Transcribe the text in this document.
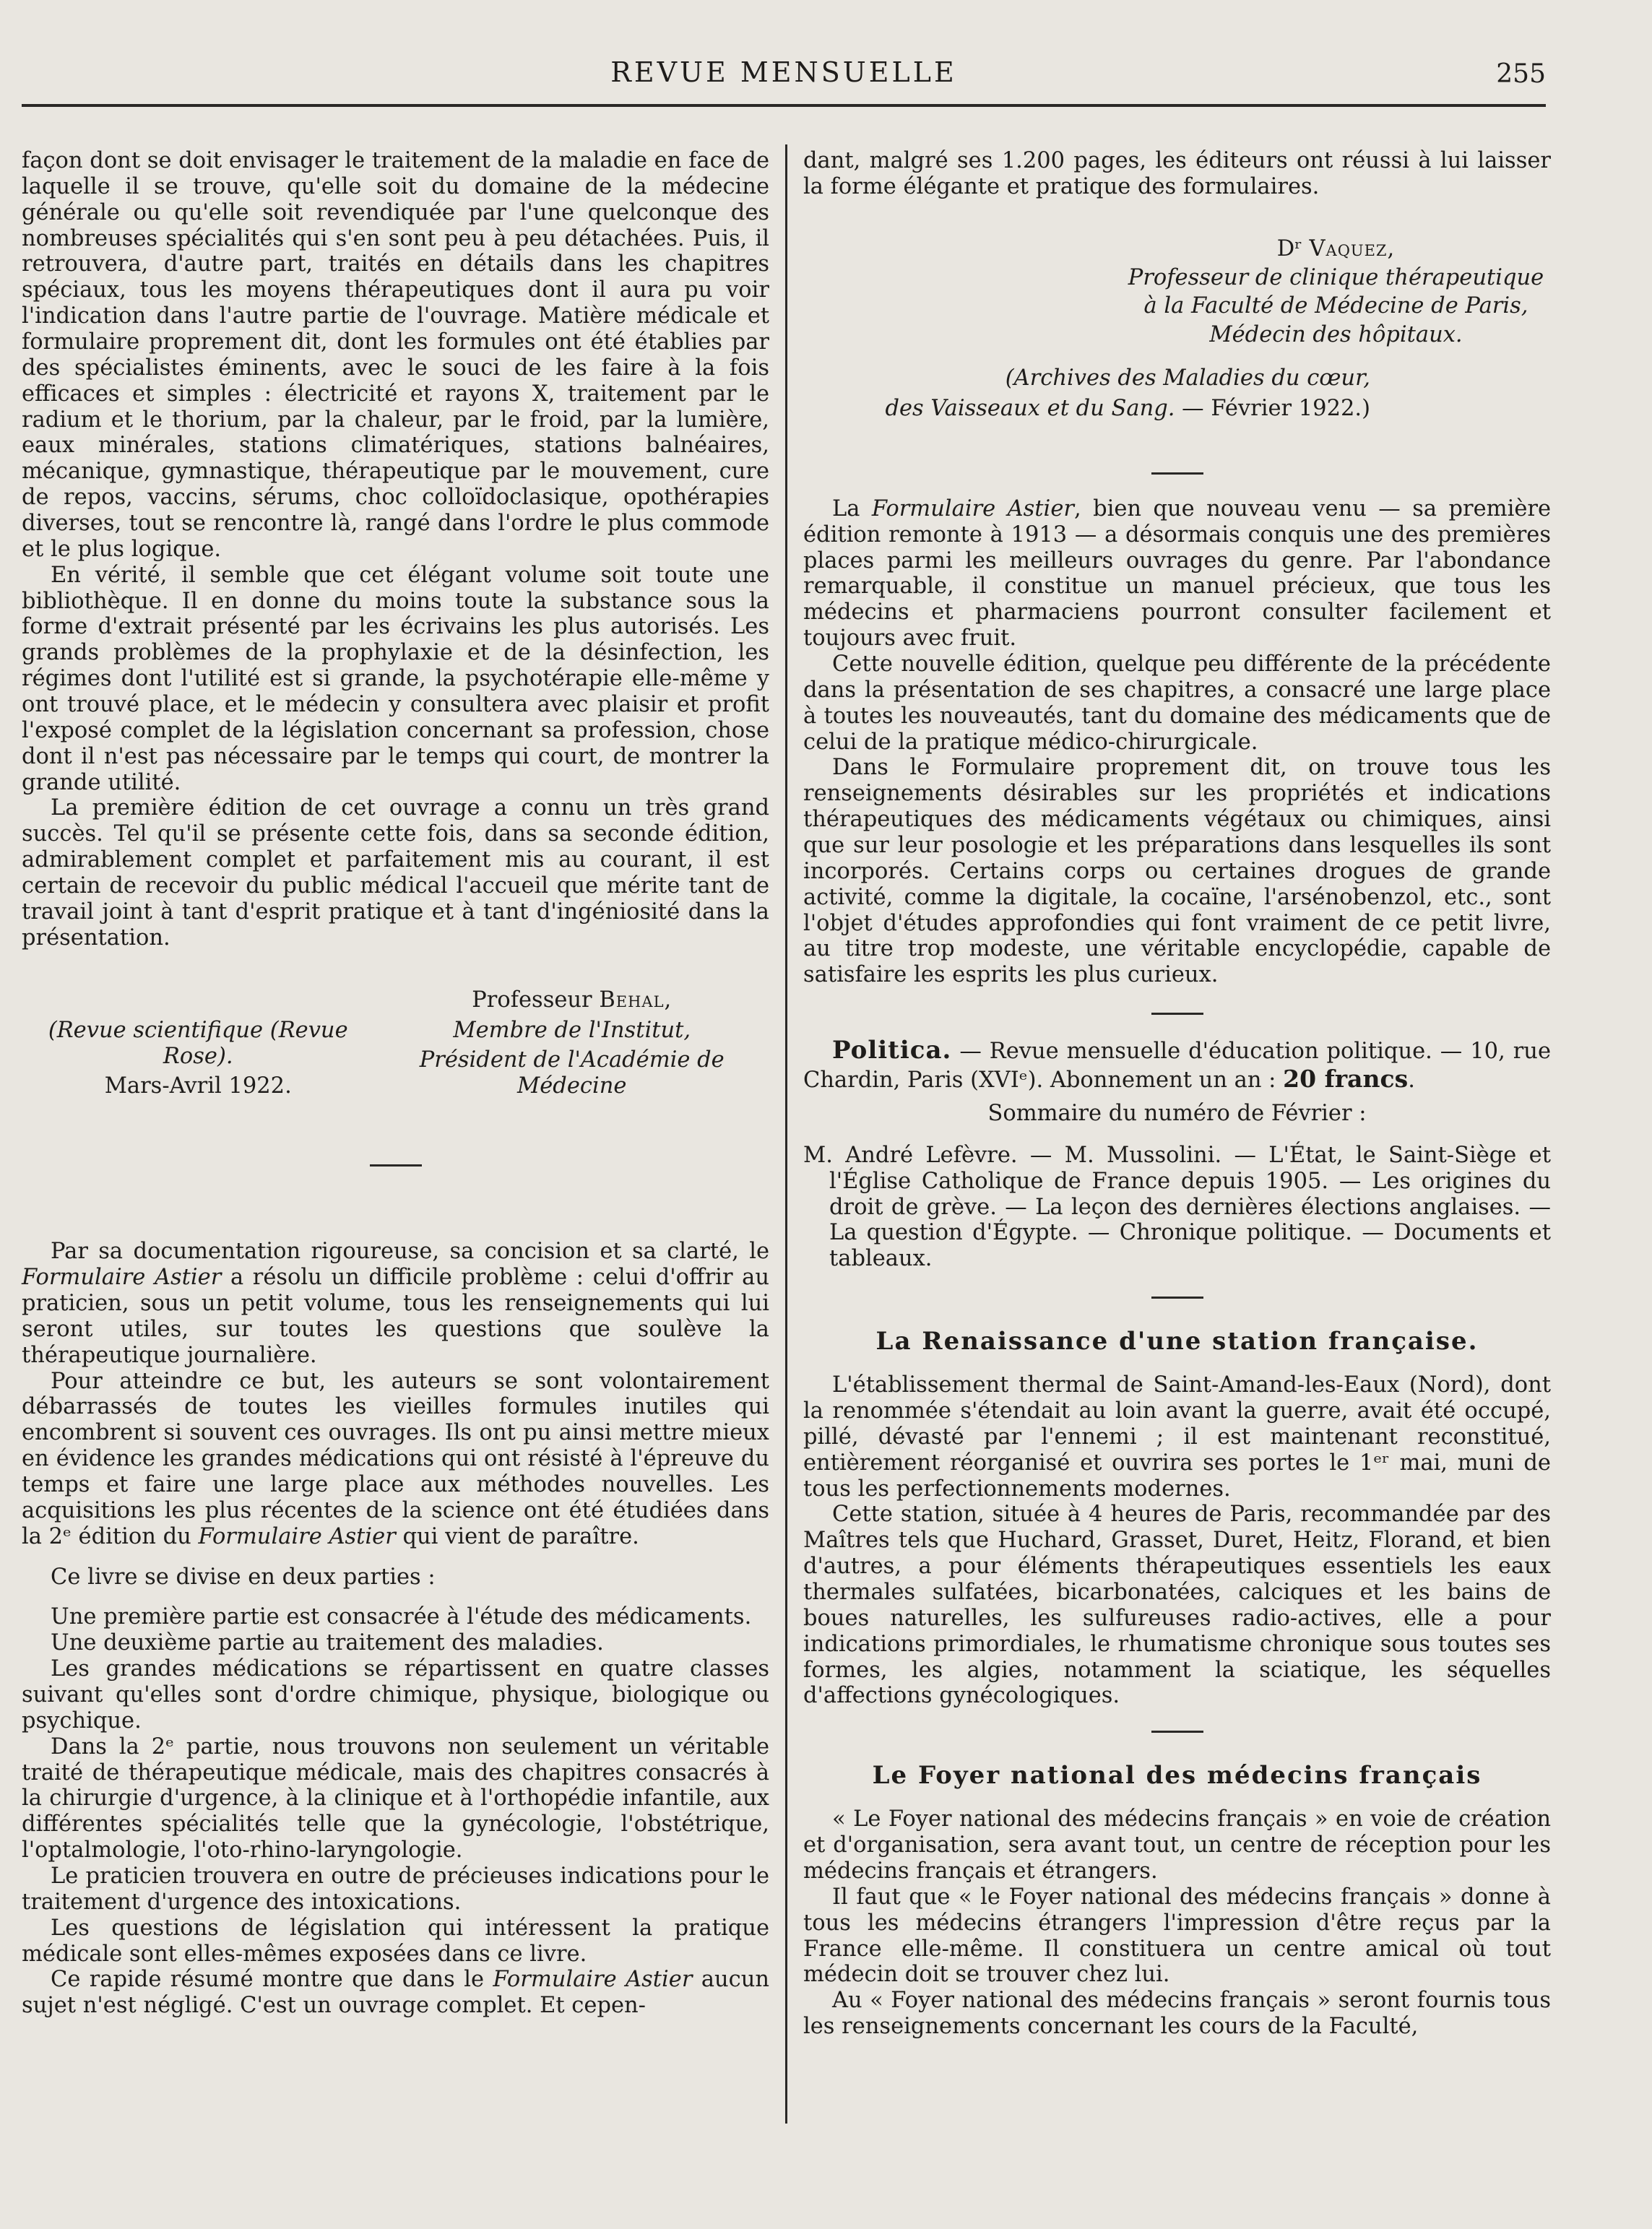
REVUE MENSUELLE	255

façon dont se doit envisager le traitement de la maladie en face de laquelle il se trouve, qu'elle soit du domaine de la médecine générale ou qu'elle soit revendiquée par l'une quelconque des nombreuses spécialités qui s'en sont peu à peu détachées. Puis, il retrouvera, d'autre part, traités en détails dans les chapitres spéciaux, tous les moyens thérapeutiques dont il aura pu voir l'indication dans l'autre partie de l'ouvrage. Matière médicale et formulaire proprement dit, dont les formules ont été établies par des spécialistes éminents, avec le souci de les faire à la fois efficaces et simples : électricité et rayons X, traitement par le radium et le thorium, par la chaleur, par le froid, par la lumière, eaux minérales, stations climatériques, stations balnéaires, mécanique, gymnastique, thérapeutique par le mouvement, cure de repos, vaccins, sérums, choc colloïdoclasique, opothérapies diverses, tout se rencontre là, rangé dans l'ordre le plus commode et le plus logique.

En vérité, il semble que cet élégant volume soit toute une bibliothèque. Il en donne du moins toute la substance sous la forme d'extrait présenté par les écrivains les plus autorisés. Les grands problèmes de la prophylaxie et de la désinfection, les régimes dont l'utilité est si grande, la psychotérapie elle-même y ont trouvé place, et le médecin y consultera avec plaisir et profit l'exposé complet de la législation concernant sa profession, chose dont il n'est pas nécessaire par le temps qui court, de montrer la grande utilité.

La première édition de cet ouvrage a connu un très grand succès. Tel qu'il se présente cette fois, dans sa seconde édition, admirablement complet et parfaitement mis au courant, il est certain de recevoir du public médical l'accueil que mérite tant de travail joint à tant d'esprit pratique et à tant d'ingéniosité dans la présentation.

(Revue scientifique (Revue Rose).
Mars-Avril 1922.
Professeur Behal,
Membre de l'Institut,
Président de l'Académie de Médecine

Par sa documentation rigoureuse, sa concision et sa clarté, le Formulaire Astier a résolu un difficile problème : celui d'offrir au praticien, sous un petit volume, tous les renseignements qui lui seront utiles, sur toutes les questions que soulève la thérapeutique journalière.

Pour atteindre ce but, les auteurs se sont volontairement débarrassés de toutes les vieilles formules inutiles qui encombrent si souvent ces ouvrages. Ils ont pu ainsi mettre mieux en évidence les grandes médications qui ont résisté à l'épreuve du temps et faire une large place aux méthodes nouvelles. Les acquisitions les plus récentes de la science ont été étudiées dans la 2ᵉ édition du Formulaire Astier qui vient de paraître.

Ce livre se divise en deux parties :

Une première partie est consacrée à l'étude des médicaments.

Une deuxième partie au traitement des maladies.

Les grandes médications se répartissent en quatre classes suivant qu'elles sont d'ordre chimique, physique, biologique ou psychique.

Dans la 2ᵉ partie, nous trouvons non seulement un véritable traité de thérapeutique médicale, mais des chapitres consacrés à la chirurgie d'urgence, à la clinique et à l'orthopédie infantile, aux différentes spécialités telle que la gynécologie, l'obstétrique, l'optalmologie, l'oto-rhino-laryngologie.

Le praticien trouvera en outre de précieuses indications pour le traitement d'urgence des intoxications.

Les questions de législation qui intéressent la pratique médicale sont elles-mêmes exposées dans ce livre.

Ce rapide résumé montre que dans le Formulaire Astier aucun sujet n'est négligé. C'est un ouvrage complet. Et cepen-

dant, malgré ses 1.200 pages, les éditeurs ont réussi à lui laisser la forme élégante et pratique des formulaires.

Dʳ Vaquez,
Professeur de clinique thérapeutique
à la Faculté de Médecine de Paris,
Médecin des hôpitaux.
(Archives des Maladies du cœur,
des Vaisseaux et du Sang. — Février 1922.)

La Formulaire Astier, bien que nouveau venu — sa première édition remonte à 1913 — a désormais conquis une des premières places parmi les meilleurs ouvrages du genre. Par l'abondance remarquable, il constitue un manuel précieux, que tous les médecins et pharmaciens pourront consulter facilement et toujours avec fruit.

Cette nouvelle édition, quelque peu différente de la précédente dans la présentation de ses chapitres, a consacré une large place à toutes les nouveautés, tant du domaine des médicaments que de celui de la pratique médico-chirurgicale.

Dans le Formulaire proprement dit, on trouve tous les renseignements désirables sur les propriétés et indications thérapeutiques des médicaments végétaux ou chimiques, ainsi que sur leur posologie et les préparations dans lesquelles ils sont incorporés. Certains corps ou certaines drogues de grande activité, comme la digitale, la cocaïne, l'arsénobenzol, etc., sont l'objet d'études approfondies qui font vraiment de ce petit livre, au titre trop modeste, une véritable encyclopédie, capable de satisfaire les esprits les plus curieux.

Politica. — Revue mensuelle d'éducation politique. — 10, rue Chardin, Paris (XVIᵉ). Abonnement un an : 20 francs.

Sommaire du numéro de Février :

M. André Lefèvre. — M. Mussolini. — L'État, le Saint-Siège et l'Église Catholique de France depuis 1905. — Les origines du droit de grève. — La leçon des dernières élections anglaises. — La question d'Égypte. — Chronique politique. — Documents et tableaux.

La Renaissance d'une station française.

L'établissement thermal de Saint-Amand-les-Eaux (Nord), dont la renommée s'étendait au loin avant la guerre, avait été occupé, pillé, dévasté par l'ennemi ; il est maintenant reconstitué, entièrement réorganisé et ouvrira ses portes le 1ᵉʳ mai, muni de tous les perfectionnements modernes.

Cette station, située à 4 heures de Paris, recommandée par des Maîtres tels que Huchard, Grasset, Duret, Heitz, Florand, et bien d'autres, a pour éléments thérapeutiques essentiels les eaux thermales sulfatées, bicarbonatées, calciques et les bains de boues naturelles, les sulfureuses radio-actives, elle a pour indications primordiales, le rhumatisme chronique sous toutes ses formes, les algies, notamment la sciatique, les séquelles d'affections gynécologiques.

Le Foyer national des médecins français

« Le Foyer national des médecins français » en voie de création et d'organisation, sera avant tout, un centre de réception pour les médecins français et étrangers.

Il faut que « le Foyer national des médecins français » donne à tous les médecins étrangers l'impression d'être reçus par la France elle-même. Il constituera un centre amical où tout médecin doit se trouver chez lui.

Au « Foyer national des médecins français » seront fournis tous les renseignements concernant les cours de la Faculté,
